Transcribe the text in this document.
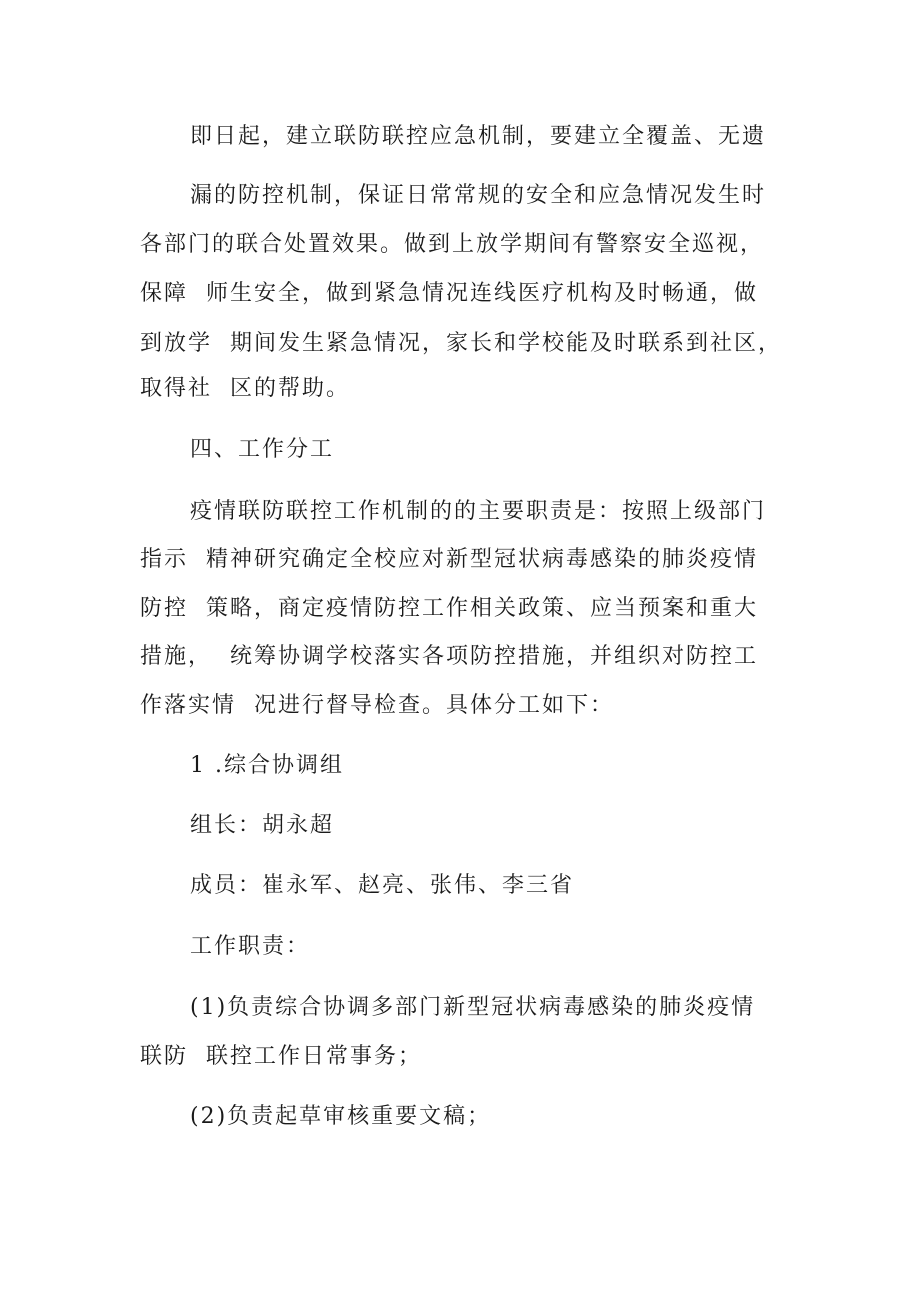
即日起，建立联防联控应急机制，要建立全覆盖、无遗
漏的防控机制，保证日常常规的安全和应急情况发生时
各部门的联合处置效果。做到上放学期间有警察安全巡视，
保障  师生安全，做到紧急情况连线医疗机构及时畅通，做
到放学  期间发生紧急情况，家长和学校能及时联系到社区，
取得社  区的帮助。
四、工作分工
疫情联防联控工作机制的的主要职责是：按照上级部门
指示  精神研究确定全校应对新型冠状病毒感染的肺炎疫情
防控  策略，商定疫情防控工作相关政策、应当预案和重大
措施，  统筹协调学校落实各项防控措施，并组织对防控工
作落实情  况进行督导检查。具体分工如下：
1 .综合协调组
组长：胡永超
成员：崔永军、赵亮、张伟、李三省
工作职责：
(1)负责综合协调多部门新型冠状病毒感染的肺炎疫情
联防  联控工作日常事务；
(2)负责起草审核重要文稿；
